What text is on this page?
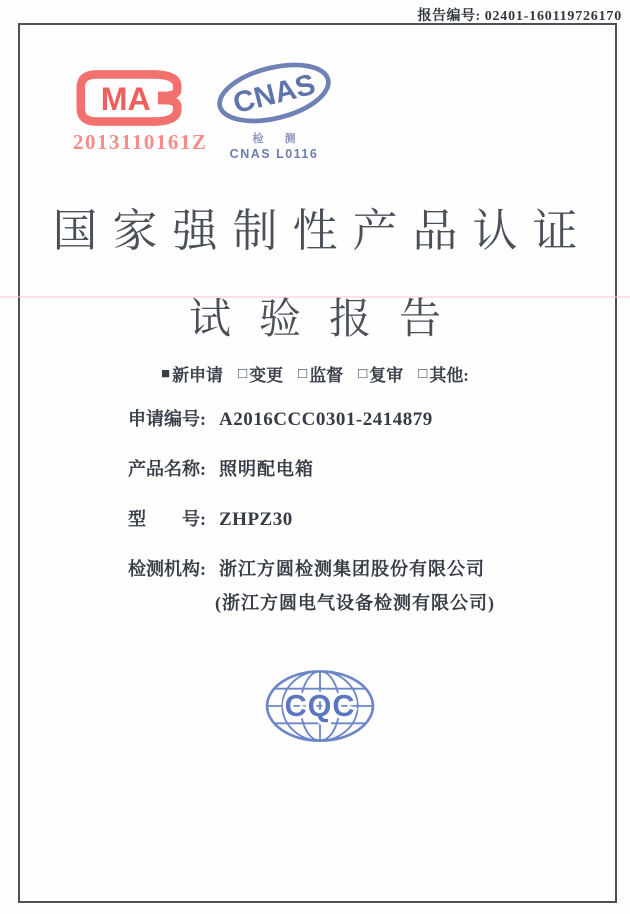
报告编号: 02401-160119726170
MA
2013110161Z
CNAS
检 测
CNAS L0116
国家强制性产品认证
试验报告
■ 新申请 □ 变更 □ 监督 □ 复审 □ 其他:
申请编号: A2016CCC0301-2414879
产品名称: 照明配电箱
型　　号: ZHPZ30
检测机构: 浙江方圆检测集团股份有限公司
(浙江方圆电气设备检测有限公司)
CQC
